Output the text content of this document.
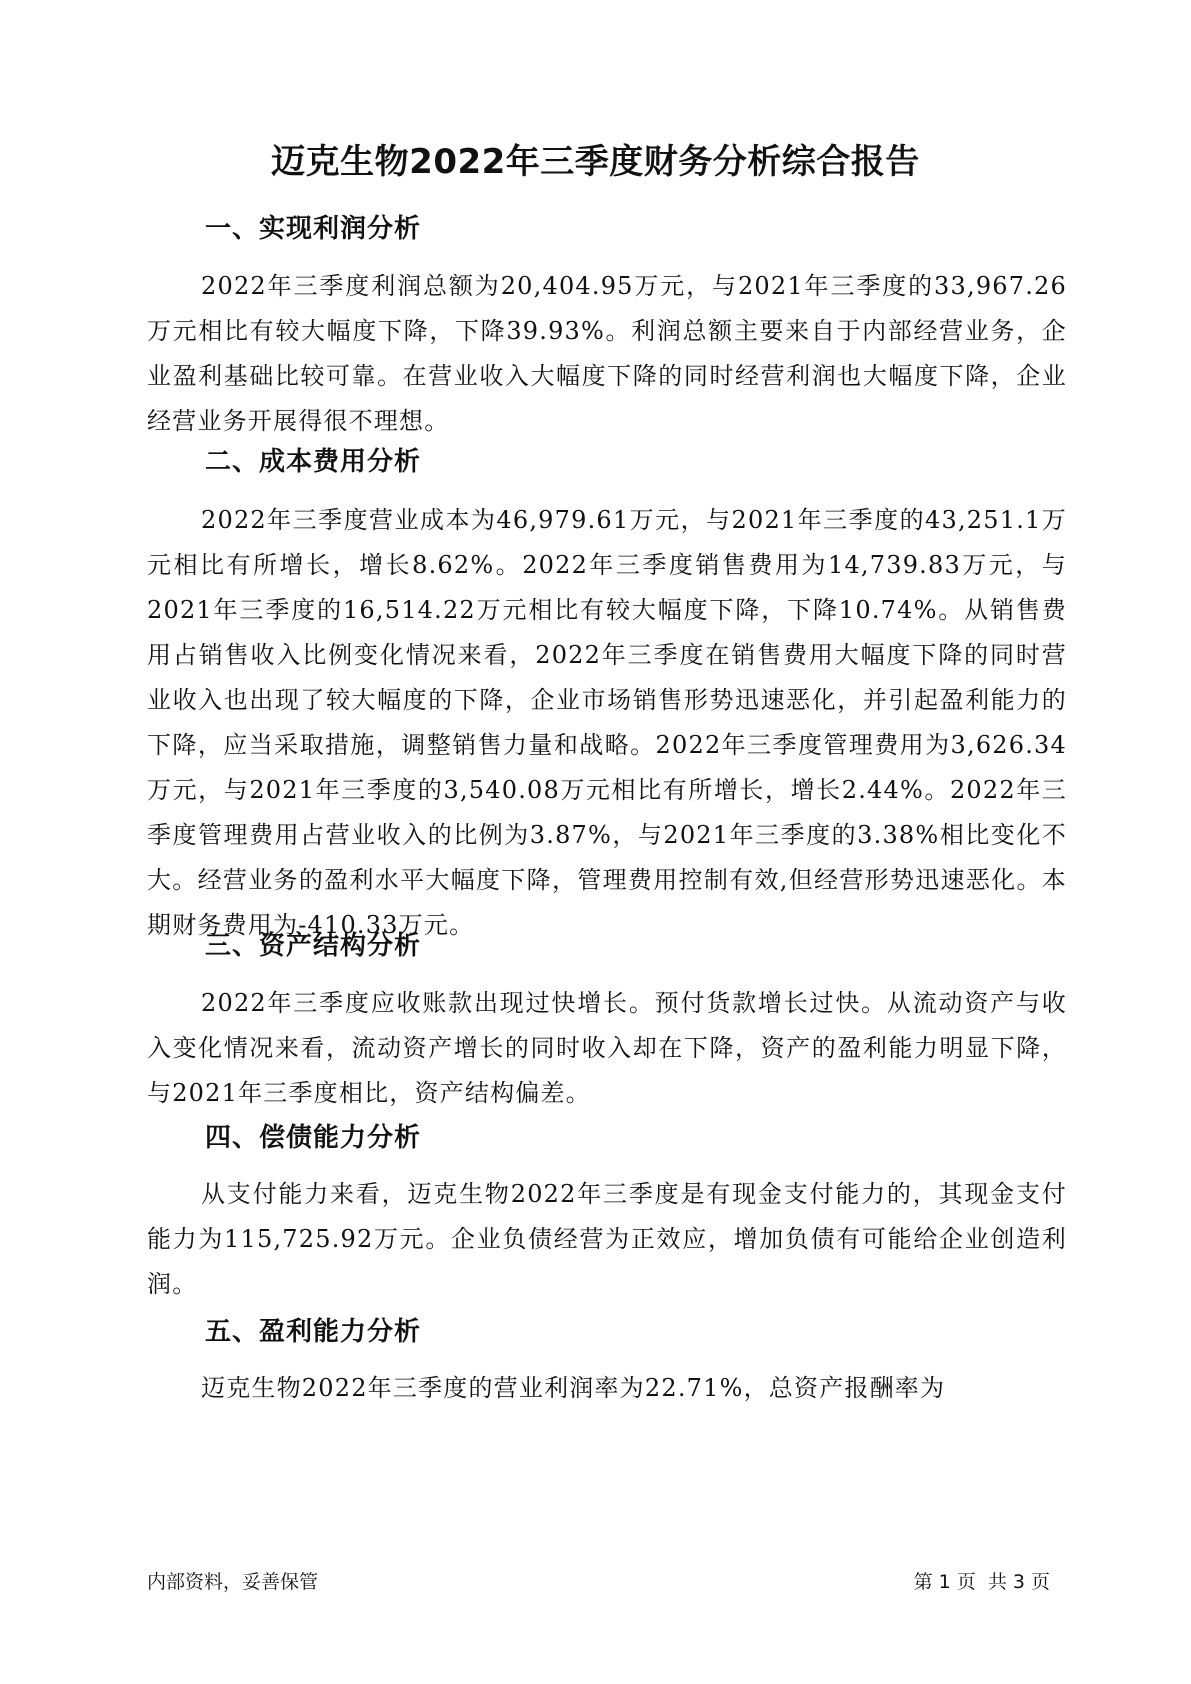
迈克生物2022年三季度财务分析综合报告
一、实现利润分析
2022年三季度利润总额为20,404.95万元，与2021年三季度的33,967.26万元相比有较大幅度下降，下降39.93%。利润总额主要来自于内部经营业务，企业盈利基础比较可靠。在营业收入大幅度下降的同时经营利润也大幅度下降，企业经营业务开展得很不理想。
二、成本费用分析
2022年三季度营业成本为46,979.61万元，与2021年三季度的43,251.1万元相比有所增长，增长8.62%。2022年三季度销售费用为14,739.83万元，与2021年三季度的16,514.22万元相比有较大幅度下降，下降10.74%。从销售费用占销售收入比例变化情况来看，2022年三季度在销售费用大幅度下降的同时营业收入也出现了较大幅度的下降，企业市场销售形势迅速恶化，并引起盈利能力的下降，应当采取措施，调整销售力量和战略。2022年三季度管理费用为3,626.34万元，与2021年三季度的3,540.08万元相比有所增长，增长2.44%。2022年三季度管理费用占营业收入的比例为3.87%，与2021年三季度的3.38%相比变化不大。经营业务的盈利水平大幅度下降，管理费用控制有效,但经营形势迅速恶化。本期财务费用为-410.33万元。
三、资产结构分析
2022年三季度应收账款出现过快增长。预付货款增长过快。从流动资产与收入变化情况来看，流动资产增长的同时收入却在下降，资产的盈利能力明显下降，与2021年三季度相比，资产结构偏差。
四、偿债能力分析
从支付能力来看，迈克生物2022年三季度是有现金支付能力的，其现金支付能力为115,725.92万元。企业负债经营为正效应，增加负债有可能给企业创造利润。
五、盈利能力分析
迈克生物2022年三季度的营业利润率为22.71%，总资产报酬率为
内部资料，妥善保管	第 1 页  共 3 页
